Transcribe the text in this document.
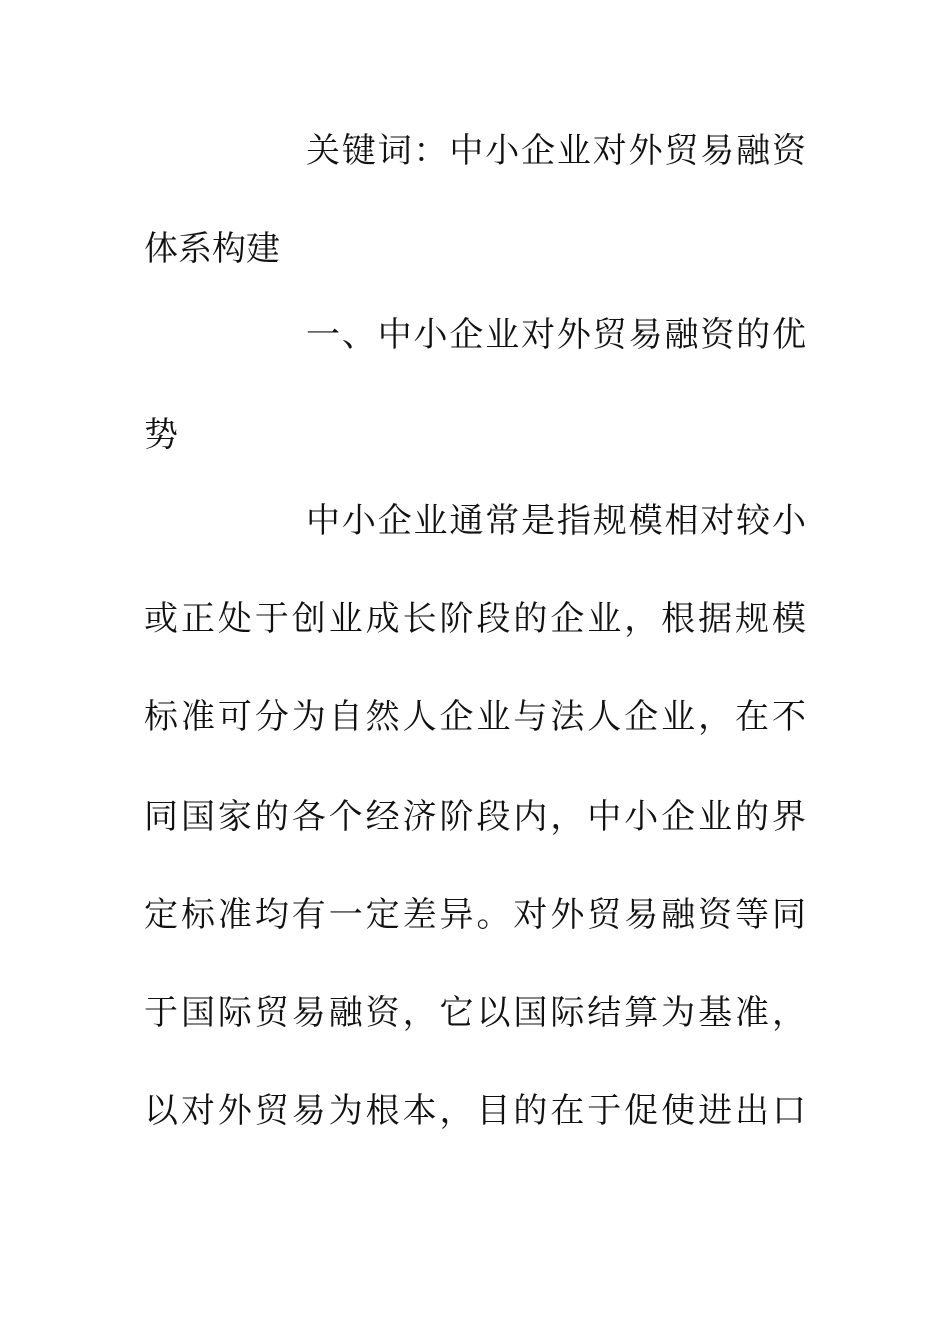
关键词：中小企业对外贸易融资
体系构建
一、中小企业对外贸易融资的优
势
中小企业通常是指规模相对较小
或正处于创业成长阶段的企业，根据规模
标准可分为自然人企业与法人企业，在不
同国家的各个经济阶段内，中小企业的界
定标准均有一定差异。对外贸易融资等同
于国际贸易融资，它以国际结算为基准，
以对外贸易为根本，目的在于促使进出口
